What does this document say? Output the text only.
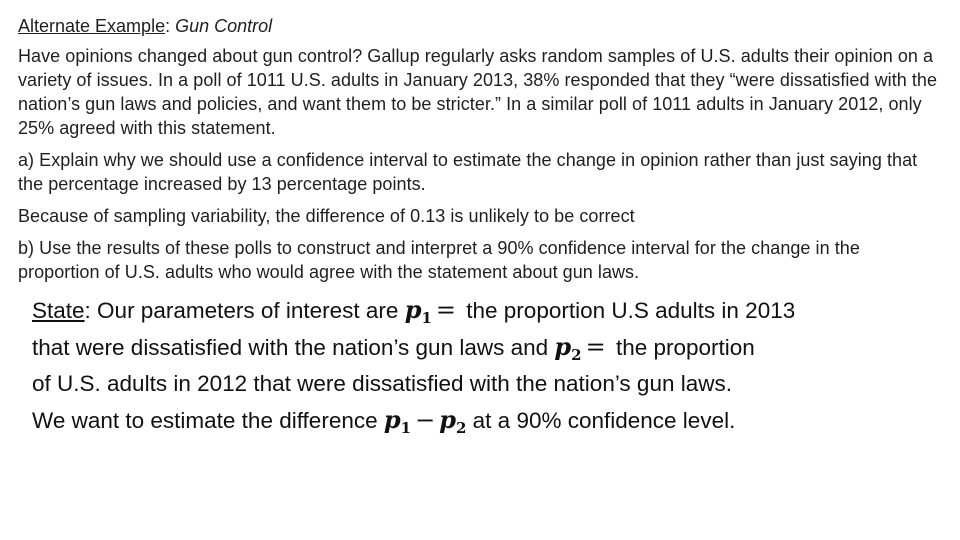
Alternate Example: Gun Control
Have opinions changed about gun control? Gallup regularly asks random samples of U.S. adults their opinion on a variety of issues. In a poll of 1011 U.S. adults in January 2013, 38% responded that they “were dissatisfied with the nation’s gun laws and policies, and want them to be stricter.” In a similar poll of 1011 adults in January 2012, only 25% agreed with this statement.
a) Explain why we should use a confidence interval to estimate the change in opinion rather than just saying that the percentage increased by 13 percentage points.
Because of sampling variability, the difference of 0.13 is unlikely to be correct
b) Use the results of these polls to construct and interpret a 90% confidence interval for the change in the proportion of U.S. adults who would agree with the statement about gun laws.
State: Our parameters of interest are $p_1$ = the proportion U.S adults in 2013
that were dissatisfied with the nation’s gun laws and $p_2$ = the proportion
of U.S. adults in 2012 that were dissatisfied with the nation’s gun laws.
We want to estimate the difference $p_1 - p_2$ at a 90% confidence level.
